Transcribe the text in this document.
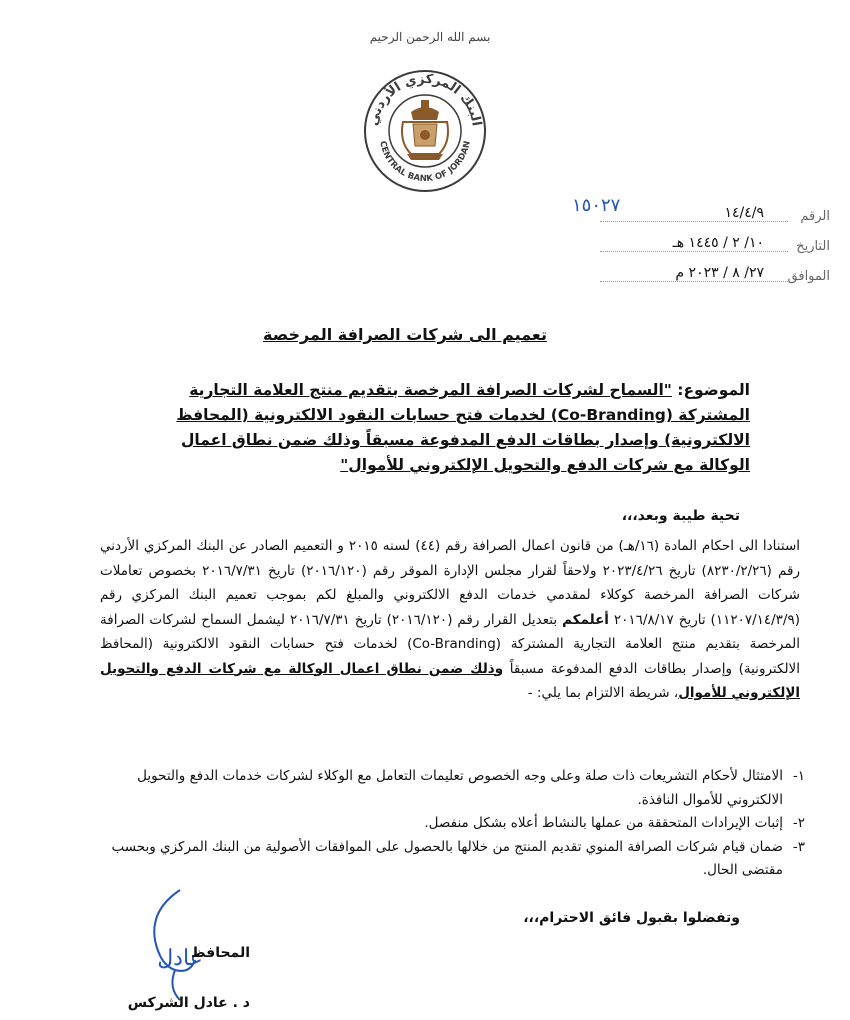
بسم الله الرحمن الرحيم
البنك المركزي الأردني
CENTRAL BANK OF JORDAN
الرقم
١٤/٤/٩
١٥٠٢٧
التاريخ
١٠/ ٢ / ١٤٤٥ هـ
الموافق
٢٧/ ٨ / ٢٠٢٣ م
تعميم الى شركات الصرافة المرخصة
الموضوع: "السماح لشركات الصرافة المرخصة بتقديم منتج العلامة التجارية المشتركة (Co-Branding) لخدمات فتح حسابات النقود الالكترونية (المحافظ الالكترونية) وإصدار بطاقات الدفع المدفوعة مسبقاً وذلك ضمن نطاق اعمال الوكالة مع شركات الدفع والتحويل الإلكتروني للأموال"
تحية طيبة وبعد،،،
استنادا الى احكام المادة (١٦/هـ) من قانون اعمال الصرافة رقم (٤٤) لسنه ٢٠١٥ و التعميم الصادر عن البنك المركزي الأردني رقم (٨٢٣٠/٢/٢٦) تاريخ ٢٠٢٣/٤/٢٦ ولاحقاً لقرار مجلس الإدارة الموقر رقم (٢٠١٦/١٢٠) تاريخ ٢٠١٦/٧/٣١ بخصوص تعاملات شركات الصرافة المرخصة كوكلاء لمقدمي خدمات الدفع الالكتروني والمبلغ لكم بموجب تعميم البنك المركزي رقم (١١٢٠٧/١٤/٣/٩) تاريخ ٢٠١٦/٨/١٧ أعلمكم بتعديل القرار رقم (٢٠١٦/١٢٠) تاريخ ٢٠١٦/٧/٣١ ليشمل السماح لشركات الصرافة المرخصة بتقديم منتج العلامة التجارية المشتركة (Co-Branding) لخدمات فتح حسابات النقود الالكترونية (المحافظ الالكترونية) وإصدار بطاقات الدفع المدفوعة مسبقاً وذلك ضمن نطاق اعمال الوكالة مع شركات الدفع والتحويل الإلكتروني للأموال، شريطة الالتزام بما يلي: -
١-
الامتثال لأحكام التشريعات ذات صلة وعلى وجه الخصوص تعليمات التعامل مع الوكلاء لشركات خدمات الدفع والتحويل الالكتروني للأموال النافذة.
٢-
إثبات الإيرادات المتحققة من عملها بالنشاط أعلاه بشكل منفصل.
٣-
ضمان قيام شركات الصرافة المنوي تقديم المنتج من خلالها بالحصول على الموافقات الأصولية من البنك المركزي وبحسب مقتضى الحال.
وتفضلوا بقبول فائق الاحترام،،،
عادل
المحافظ
د . عادل الشركس
